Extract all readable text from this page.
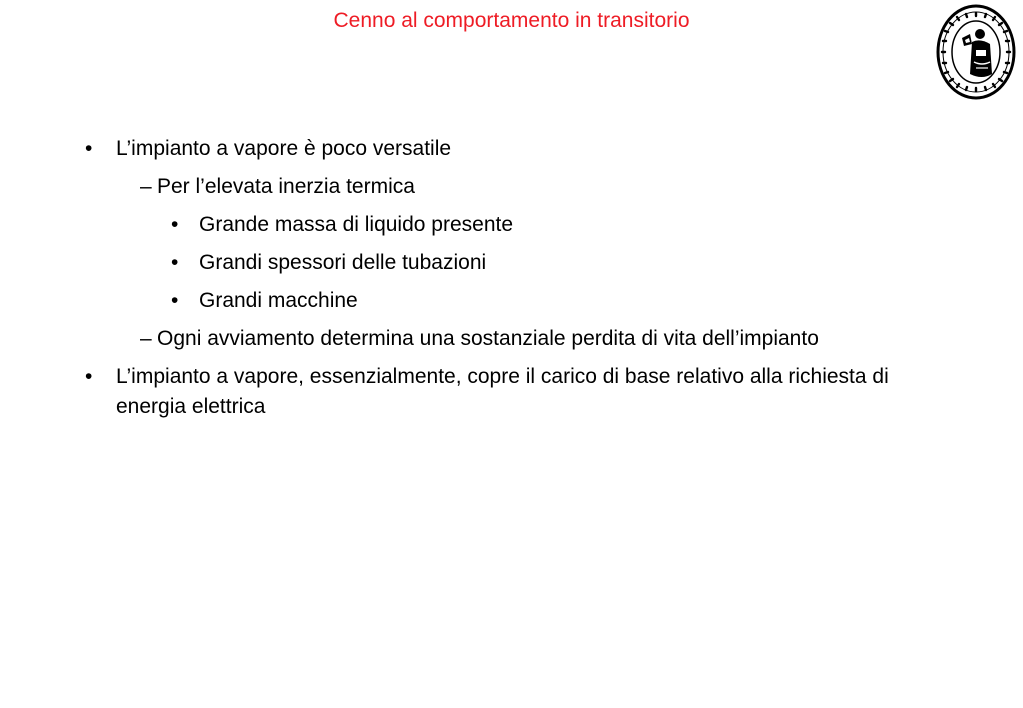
Cenno al comportamento in transitorio
• L’impianto a vapore è poco versatile
– Per l’elevata inerzia termica
• Grande massa di liquido presente
• Grandi spessori delle tubazioni
• Grandi macchine
– Ogni avviamento determina una sostanziale perdita di vita dell’impianto
• L’impianto a vapore, essenzialmente, copre il carico di base relativo alla richiesta di energia elettrica
